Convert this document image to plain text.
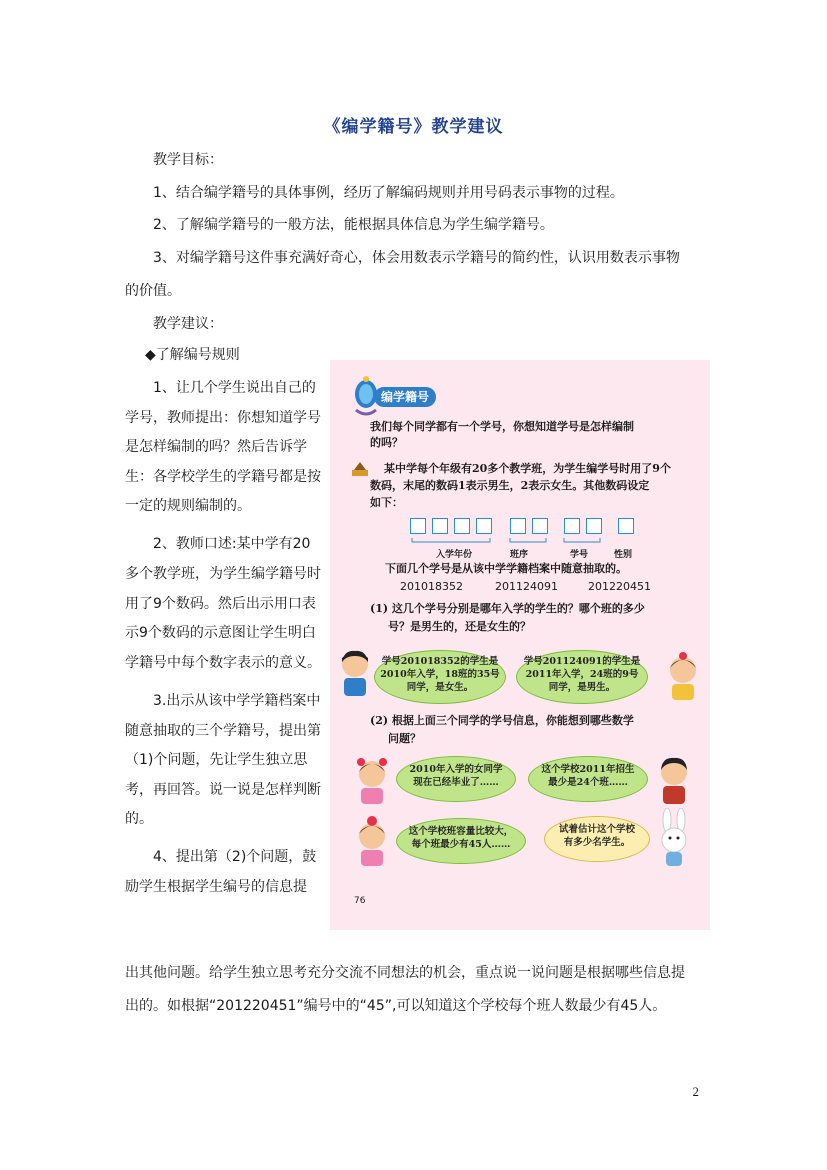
《编学籍号》教学建议
教学目标：
1、结合编学籍号的具体事例，经历了解编码规则并用号码表示事物的过程。
2、了解编学籍号的一般方法，能根据具体信息为学生编学籍号。
3、对编学籍号这件事充满好奇心，体会用数表示学籍号的简约性，认识用数表示事物
的价值。
教学建议：
◆了解编号规则

1、让几个学生说出自己的学号，教师提出：你想知道学号是怎样编制的吗？然后告诉学生：各学校学生的学籍号都是按一定的规则编制的。

2、教师口述:某中学有20多个教学班，为学生编学籍号时用了9个数码。然后出示用口表示9个数码的示意图让学生明白学籍号中每个数字表示的意义。

3.出示从该中学学籍档案中随意抽取的三个学籍号，提出第（1)个问题，先让学生独立思考，再回答。说一说是怎样判断的。

4、提出第（2)个问题，鼓励学生根据学生编号的信息提

出其他问题。给学生独立思考充分交流不同想法的机会，重点说一说问题是根据哪些信息提
出的。如根据“201220451”编号中的“45”,可以知道这个学校每个班人数最少有45人。
2
编学籍号
我们每个同学都有一个学号，你想知道学号是怎样编制
的吗？
某中学每个年级有20多个教学班，为学生编学号时用了9个
数码，末尾的数码1表示男生，2表示女生。其他数码设定
如下：
入学年份	班序	学号	性别
下面几个学号是从该中学学籍档案中随意抽取的。
201018352	201124091	201220451
(1) 这几个学号分别是哪年入学的学生的？哪个班的多少
号？是男生的，还是女生的？
学号201018352的学生是
2010年入学，18班的35号
同学，是女生。
学号201124091的学生是
2011年入学，24班的9号
同学，是男生。
(2) 根据上面三个同学的学号信息，你能想到哪些数学
问题？
2010年入学的女同学
现在已经毕业了……
这个学校2011年招生
最少是24个班……
这个学校班容量比较大，
每个班最少有45人……
试着估计这个学校
有多少名学生。
76
